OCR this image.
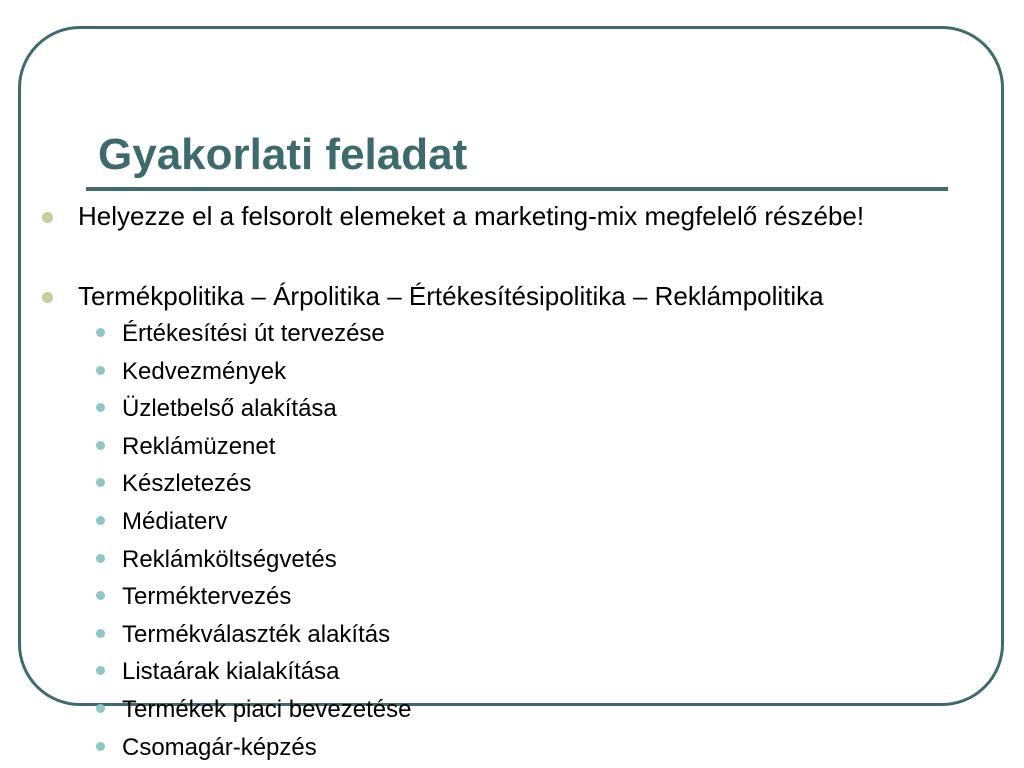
Gyakorlati feladat
Helyezze el a felsorolt elemeket a marketing-mix megfelelő részébe!
Termékpolitika – Árpolitika – Értékesítésipolitika – Reklámpolitika
Értékesítési út tervezése
Kedvezmények
Üzletbelső alakítása
Reklámüzenet
Készletezés
Médiaterv
Reklámköltségvetés
Terméktervezés
Termékválaszték alakítás
Listaárak kialakítása
Termékek piaci bevezetése
Csomagár-képzés
